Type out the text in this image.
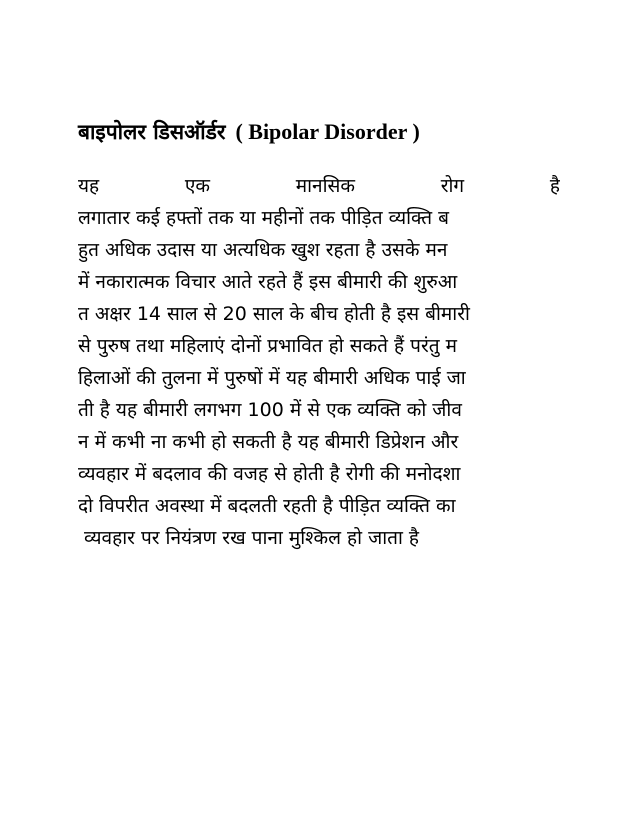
बाइपोलर डिसऑर्डर ( Bipolar Disorder )
यह	एक	मानसिक	रोग	है
लगातार कई हफ्तों तक या महीनों तक पीड़ित व्यक्ति ब
हुत अधिक उदास या अत्यधिक खुश रहता है उसके मन
में नकारात्मक विचार आते रहते हैं इस बीमारी की शुरुआ
त अक्षर 14 साल से 20 साल के बीच होती है इस बीमारी
से पुरुष तथा महिलाएं दोनों प्रभावित हो सकते हैं परंतु म
हिलाओं की तुलना में पुरुषों में यह बीमारी अधिक पाई जा
ती है यह बीमारी लगभग 100 में से एक व्यक्ति को जीव
न में कभी ना कभी हो सकती है यह बीमारी डिप्रेशन और
व्यवहार में बदलाव की वजह से होती है रोगी की मनोदशा
दो विपरीत अवस्था में बदलती रहती है पीड़ित व्यक्ति का
व्यवहार पर नियंत्रण रख पाना मुश्किल हो जाता है
